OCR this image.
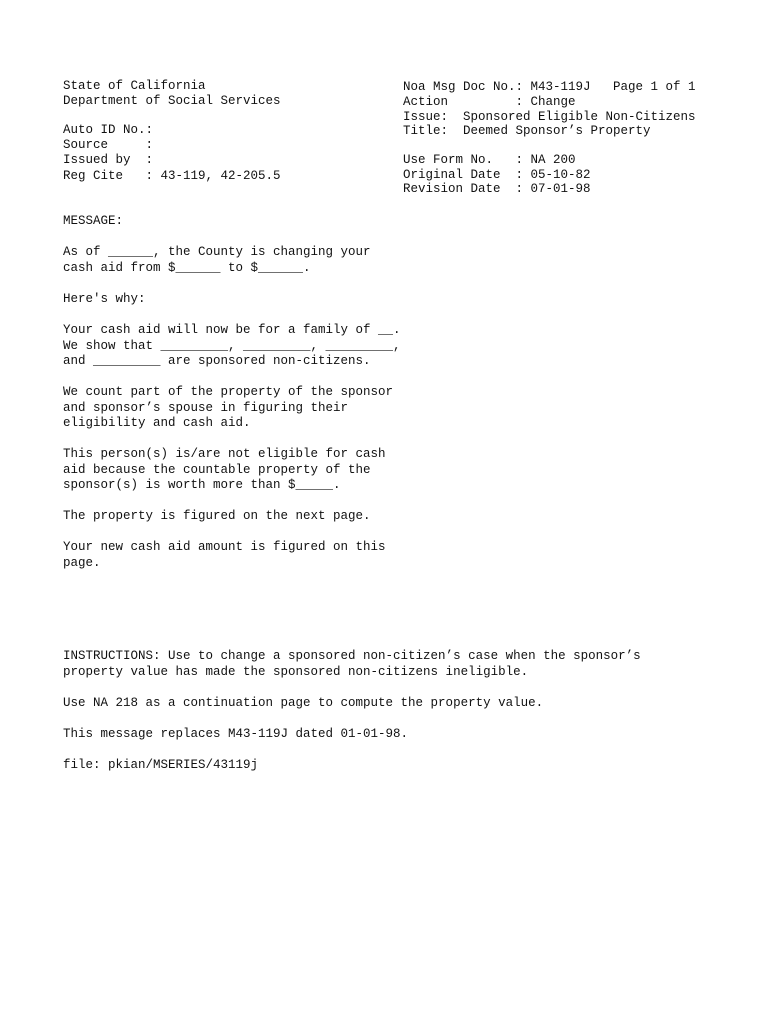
State of California

Department of Social Services

Auto ID No.:

Source     :

Issued by  :

Reg Cite   : 43-119, 42-205.5

Noa Msg Doc No.: M43-119J   Page 1 of 1

Action         : Change

Issue:  Sponsored Eligible Non-Citizens

Title:  Deemed Sponsor’s Property

Use Form No.   : NA 200

Original Date  : 05-10-82

Revision Date  : 07-01-98

MESSAGE:

As of ______, the County is changing your

cash aid from $______ to $______.

Here's why:

Your cash aid will now be for a family of __.

We show that _________, _________, _________,

and _________ are sponsored non-citizens.

We count part of the property of the sponsor

and sponsor’s spouse in figuring their

eligibility and cash aid.

This person(s) is/are not eligible for cash

aid because the countable property of the

sponsor(s) is worth more than $_____.

The property is figured on the next page.

Your new cash aid amount is figured on this

page.

INSTRUCTIONS: Use to change a sponsored non-citizen’s case when the sponsor’s

property value has made the sponsored non-citizens ineligible.

Use NA 218 as a continuation page to compute the property value.

This message replaces M43-119J dated 01-01-98.

file: pkian/MSERIES/43119j
